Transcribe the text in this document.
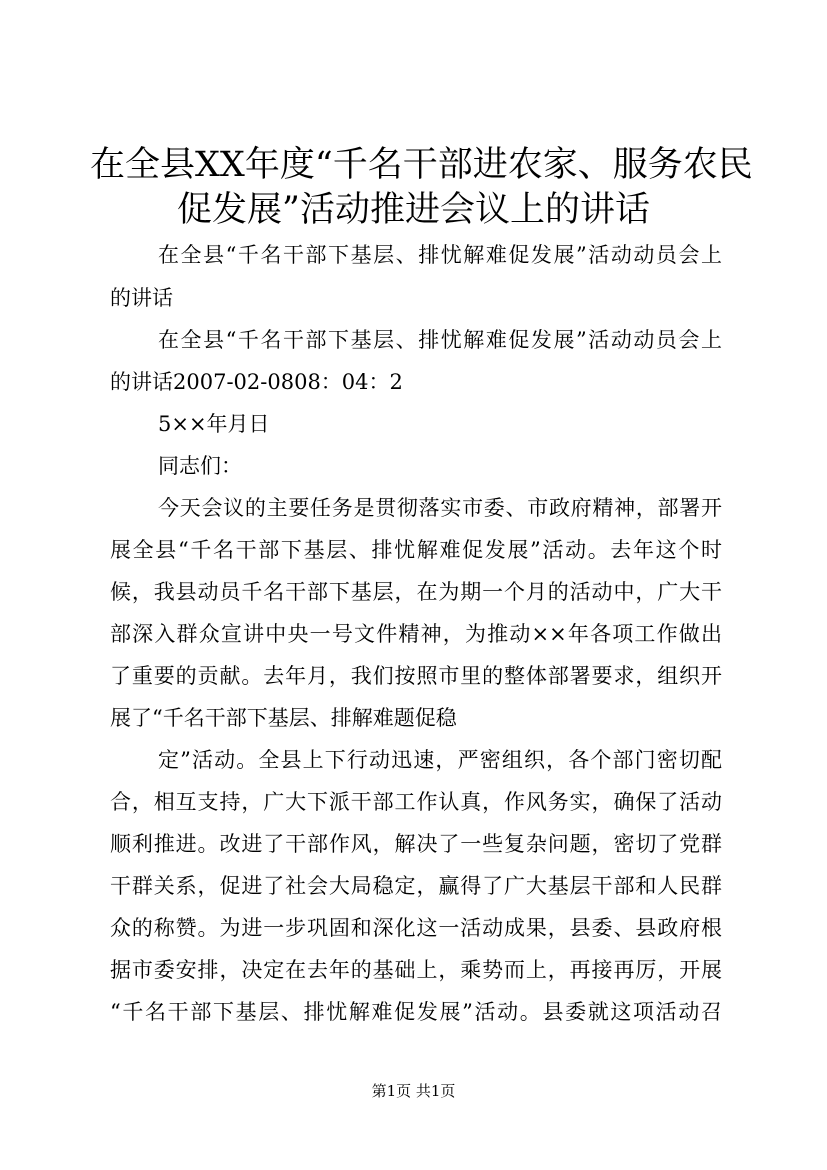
在全县XX年度“千名干部进农家、服务农民
促发展”活动推进会议上的讲话
在全县“千名干部下基层、排忧解难促发展”活动动员会上
的讲话
在全县“千名干部下基层、排忧解难促发展”活动动员会上
的讲话2007-02-0808：04：2
5××年月日
同志们：
今天会议的主要任务是贯彻落实市委、市政府精神，部署开
展全县“千名干部下基层、排忧解难促发展”活动。去年这个时
候，我县动员千名干部下基层，在为期一个月的活动中，广大干
部深入群众宣讲中央一号文件精神，为推动××年各项工作做出
了重要的贡献。去年月，我们按照市里的整体部署要求，组织开
展了“千名干部下基层、排解难题促稳
定”活动。全县上下行动迅速，严密组织，各个部门密切配
合，相互支持，广大下派干部工作认真，作风务实，确保了活动
顺利推进。改进了干部作风，解决了一些复杂问题，密切了党群
干群关系，促进了社会大局稳定，赢得了广大基层干部和人民群
众的称赞。为进一步巩固和深化这一活动成果，县委、县政府根
据市委安排，决定在去年的基础上，乘势而上，再接再厉，开展
“千名干部下基层、排忧解难促发展”活动。县委就这项活动召
第1页 共1页
